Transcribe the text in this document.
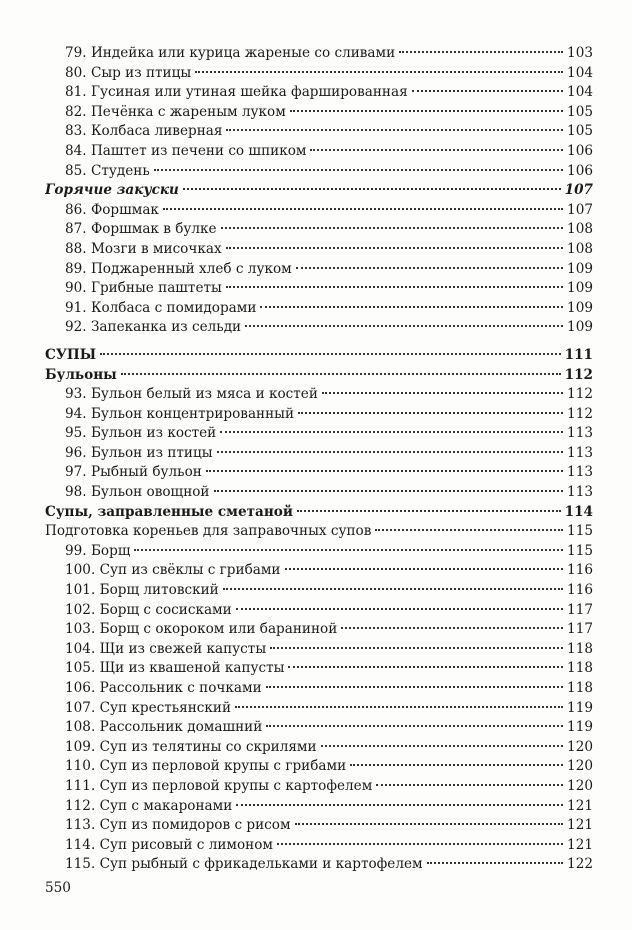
79. Индейка или курица жареные со сливами	103
80. Сыр из птицы	104
81. Гусиная или утиная шейка фаршированная	104
82. Печёнка с жареным луком	105
83. Колбаса ливерная	105
84. Паштет из печени со шпиком	106
85. Студень	106
Горячие закуски	107
86. Форшмак	107
87. Форшмак в булке	108
88. Мозги в мисочках	108
89. Поджаренный хлеб с луком	109
90. Грибные паштеты	109
91. Колбаса с помидорами	109
92. Запеканка из сельди	109
СУПЫ	111
Бульоны	112
93. Бульон белый из мяса и костей	112
94. Бульон концентрированный	112
95. Бульон из костей	113
96. Бульон из птицы	113
97. Рыбный бульон	113
98. Бульон овощной	113
Супы, заправленные сметаной	114
Подготовка кореньев для заправочных супов	115
99. Борщ	115
100. Суп из свёклы с грибами	116
101. Борщ литовский	116
102. Борщ с сосисками	117
103. Борщ с окороком или бараниной	117
104. Щи из свежей капусты	118
105. Щи из квашеной капусты	118
106. Рассольник с почками	118
107. Суп крестьянский	119
108. Рассольник домашний	119
109. Суп из телятины со скрилями	120
110. Суп из перловой крупы с грибами	120
111. Суп из перловой крупы с картофелем	120
112. Суп с макаронами	121
113. Суп из помидоров с рисом	121
114. Суп рисовый с лимоном	121
115. Суп рыбный с фрикадельками и картофелем	122
550
